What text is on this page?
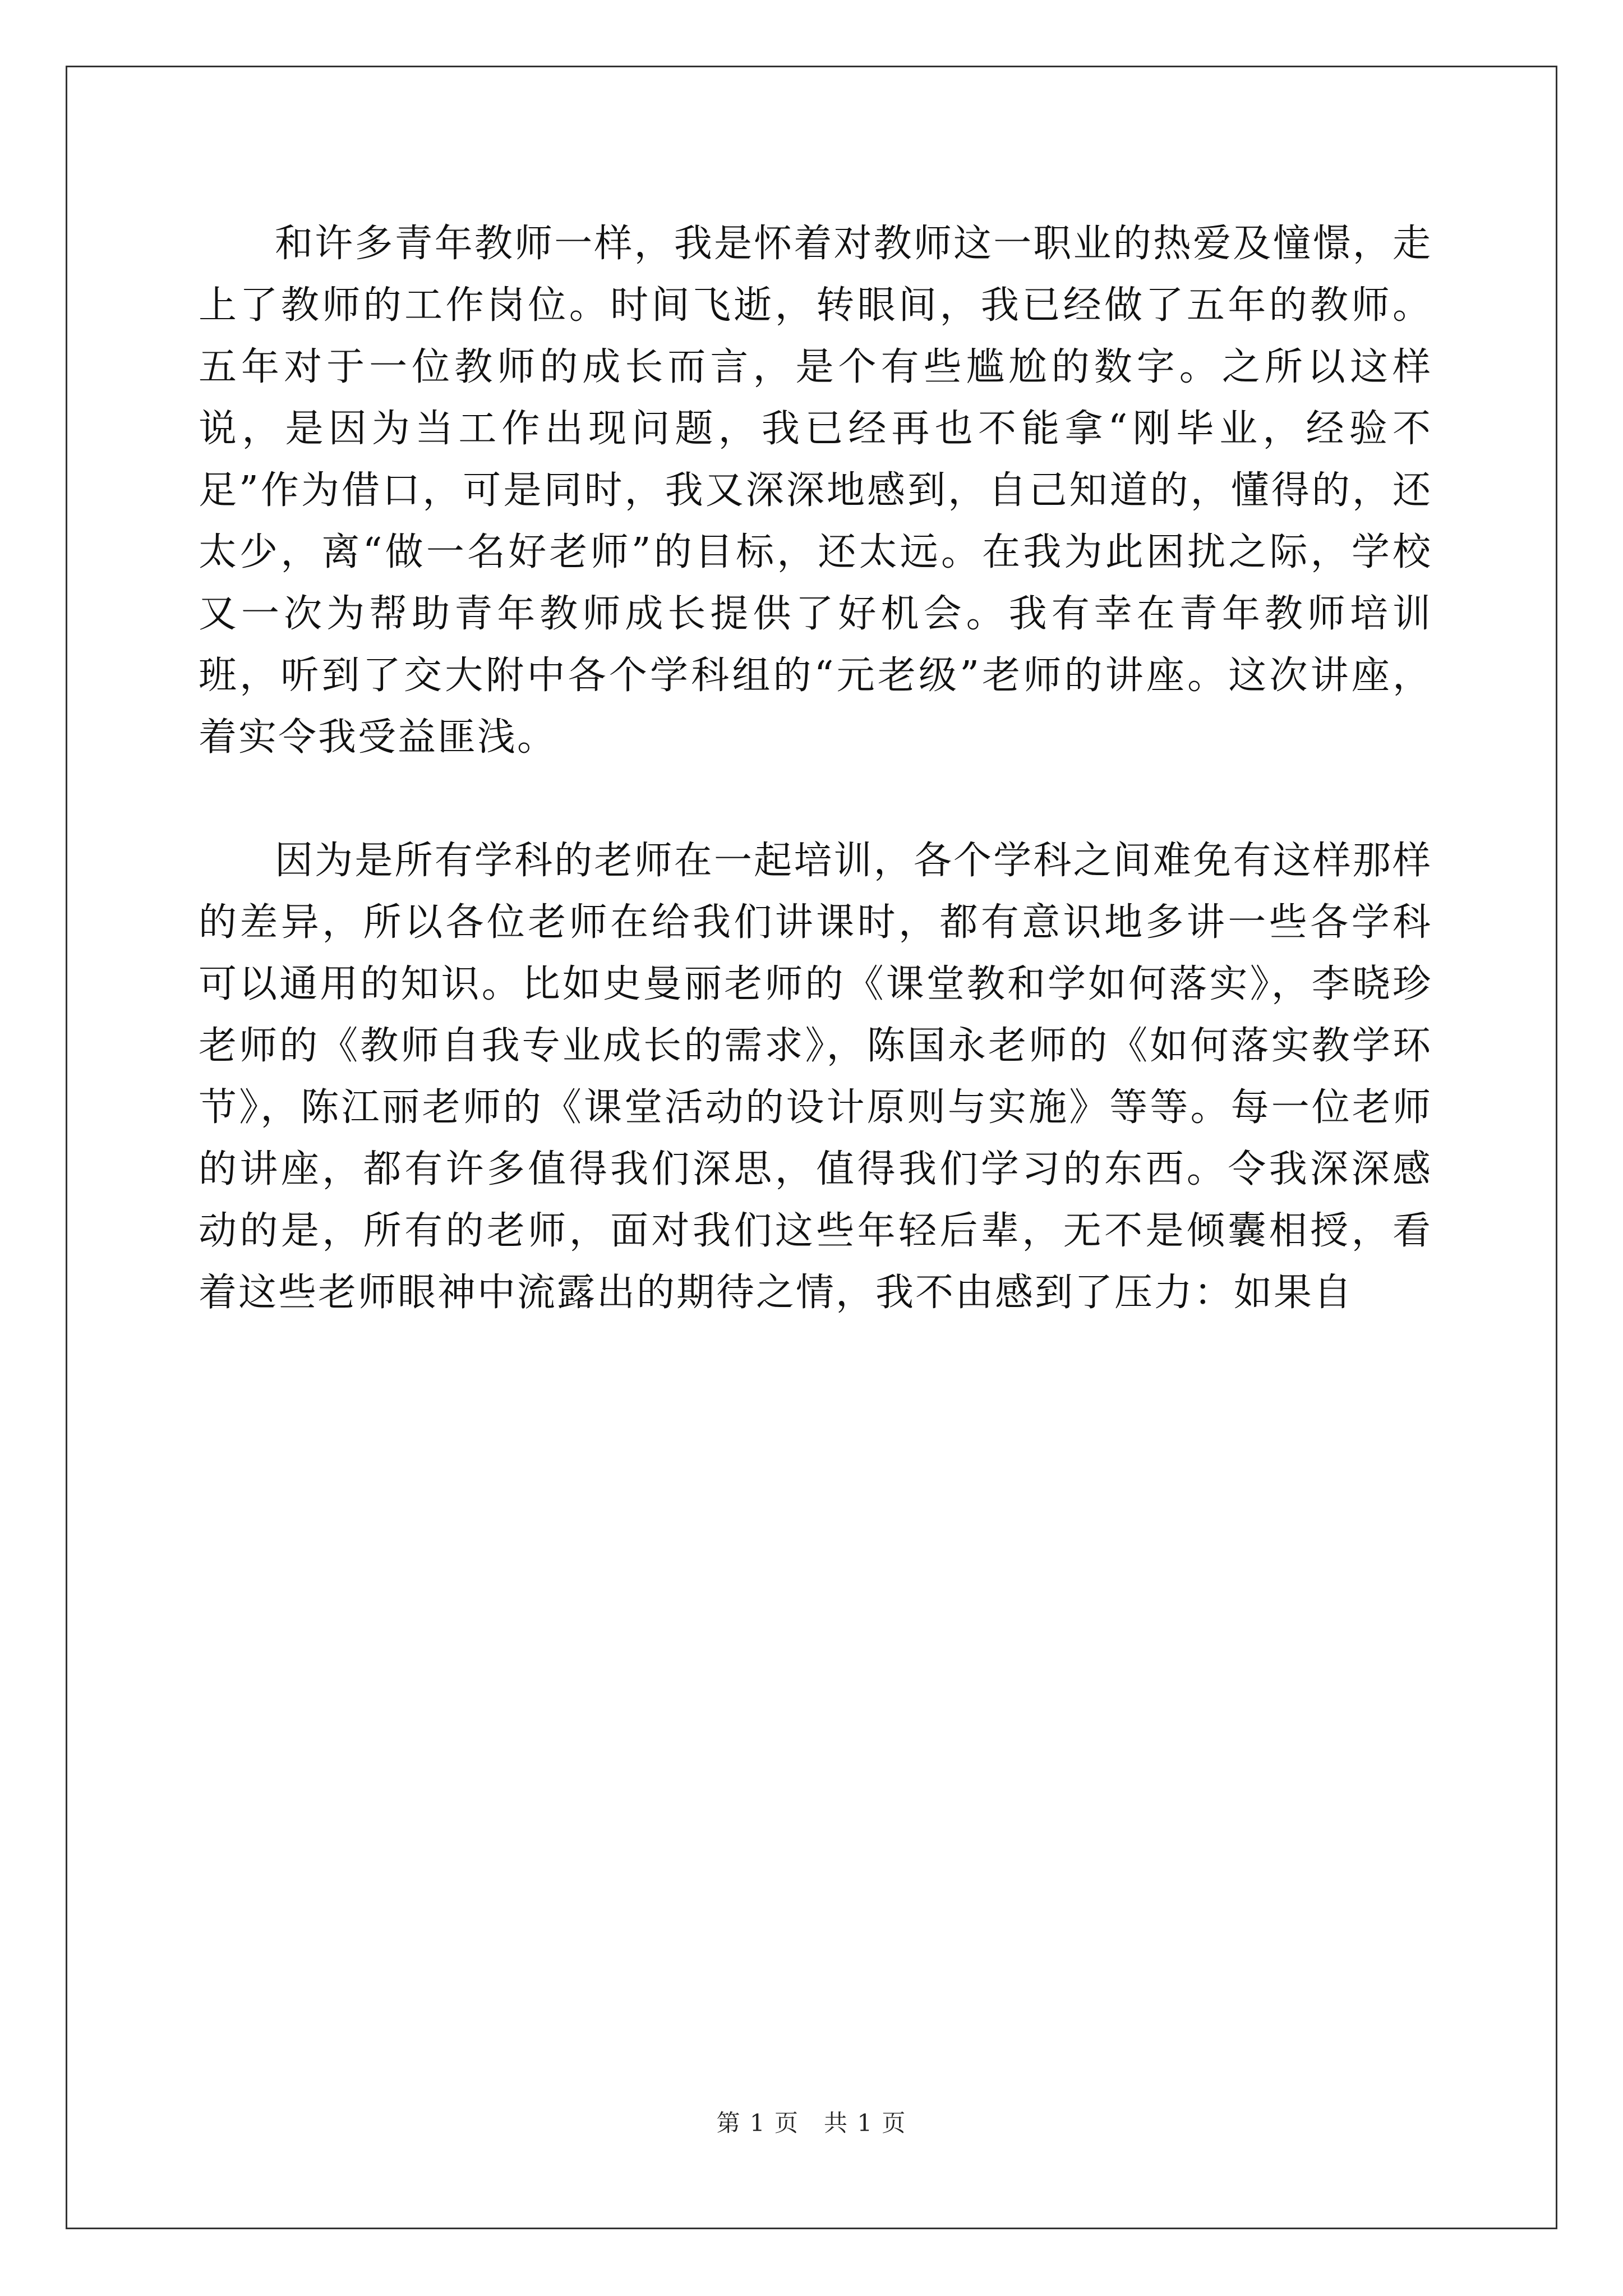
和许多青年教师一样，我是怀着对教师这一职业的热爱及憧憬，走上了教师的工作岗位。时间飞逝，转眼间，我已经做了五年的教师。五年对于一位教师的成长而言，是个有些尴尬的数字。之所以这样说，是因为当工作出现问题，我已经再也不能拿“刚毕业，经验不足”作为借口，可是同时，我又深深地感到，自己知道的，懂得的，还太少，离“做一名好老师”的目标，还太远。在我为此困扰之际，学校又一次为帮助青年教师成长提供了好机会。我有幸在青年教师培训班，听到了交大附中各个学科组的“元老级”老师的讲座。这次讲座，着实令我受益匪浅。

因为是所有学科的老师在一起培训，各个学科之间难免有这样那样的差异，所以各位老师在给我们讲课时，都有意识地多讲一些各学科可以通用的知识。比如史曼丽老师的《课堂教和学如何落实》，李晓珍老师的《教师自我专业成长的需求》，陈国永老师的《如何落实教学环节》，陈江丽老师的《课堂活动的设计原则与实施》等等。每一位老师的讲座，都有许多值得我们深思，值得我们学习的东西。令我深深感动的是，所有的老师，面对我们这些年轻后辈，无不是倾囊相授，看着这些老师眼神中流露出的期待之情，我不由感到了压力：如果自

第 1 页　共 1 页
